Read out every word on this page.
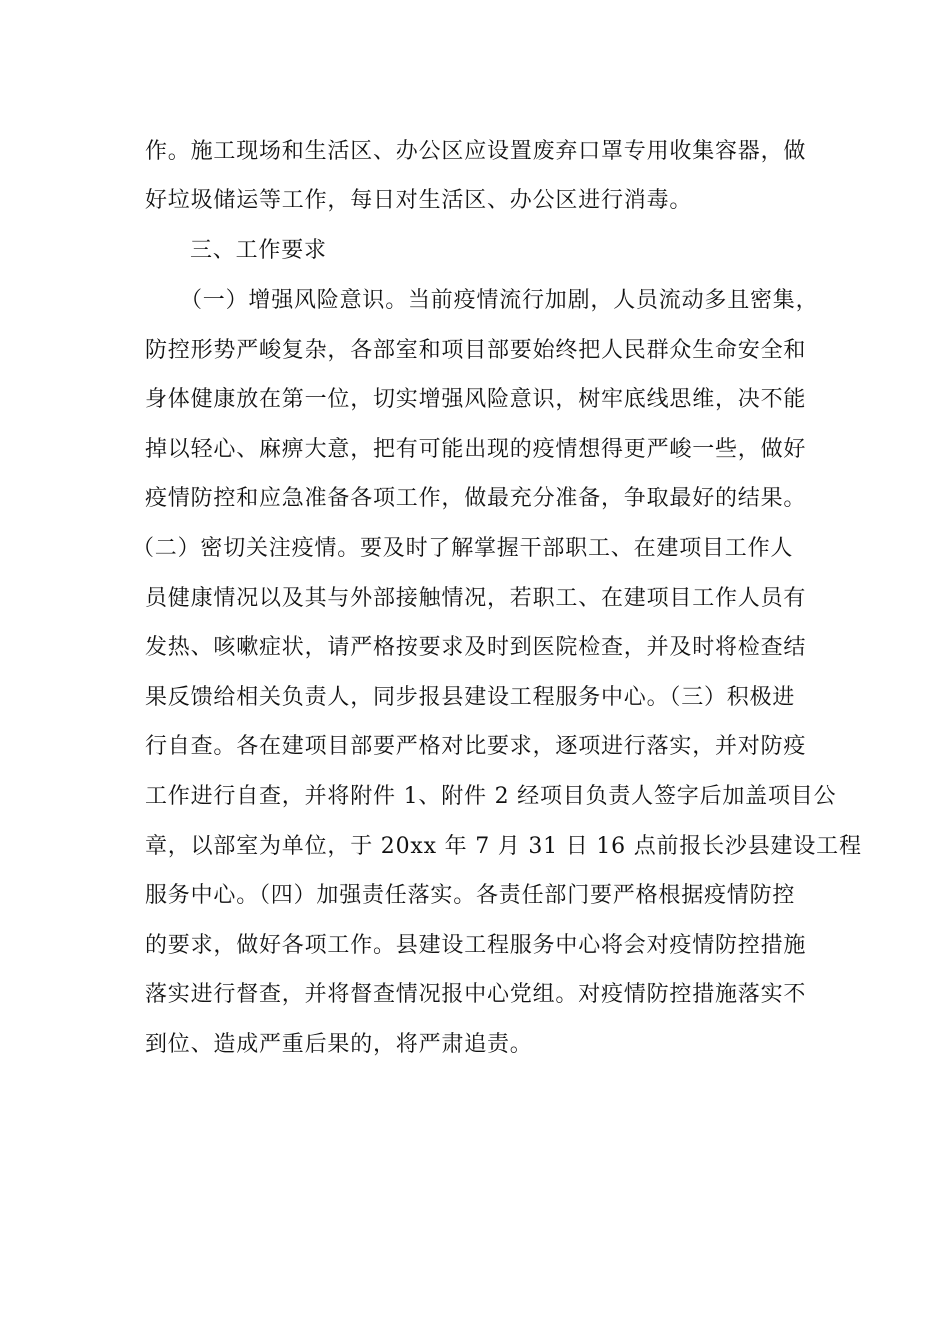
作。施工现场和生活区、办公区应设置废弃口罩专用收集容器，做

好垃圾储运等工作，每日对生活区、办公区进行消毒。

三、工作要求

（一）增强风险意识。当前疫情流行加剧，人员流动多且密集，

防控形势严峻复杂，各部室和项目部要始终把人民群众生命安全和

身体健康放在第一位，切实增强风险意识，树牢底线思维，决不能

掉以轻心、麻痹大意，把有可能出现的疫情想得更严峻一些，做好

疫情防控和应急准备各项工作，做最充分准备，争取最好的结果。

（二）密切关注疫情。要及时了解掌握干部职工、在建项目工作人

员健康情况以及其与外部接触情况，若职工、在建项目工作人员有

发热、咳嗽症状，请严格按要求及时到医院检查，并及时将检查结

果反馈给相关负责人，同步报县建设工程服务中心。（三）积极进

行自查。各在建项目部要严格对比要求，逐项进行落实，并对防疫

工作进行自查，并将附件 1、附件 2 经项目负责人签字后加盖项目公

章，以部室为单位，于 20xx 年 7 月 31 日 16 点前报长沙县建设工程

服务中心。（四）加强责任落实。各责任部门要严格根据疫情防控

的要求，做好各项工作。县建设工程服务中心将会对疫情防控措施

落实进行督查，并将督查情况报中心党组。对疫情防控措施落实不

到位、造成严重后果的，将严肃追责。
